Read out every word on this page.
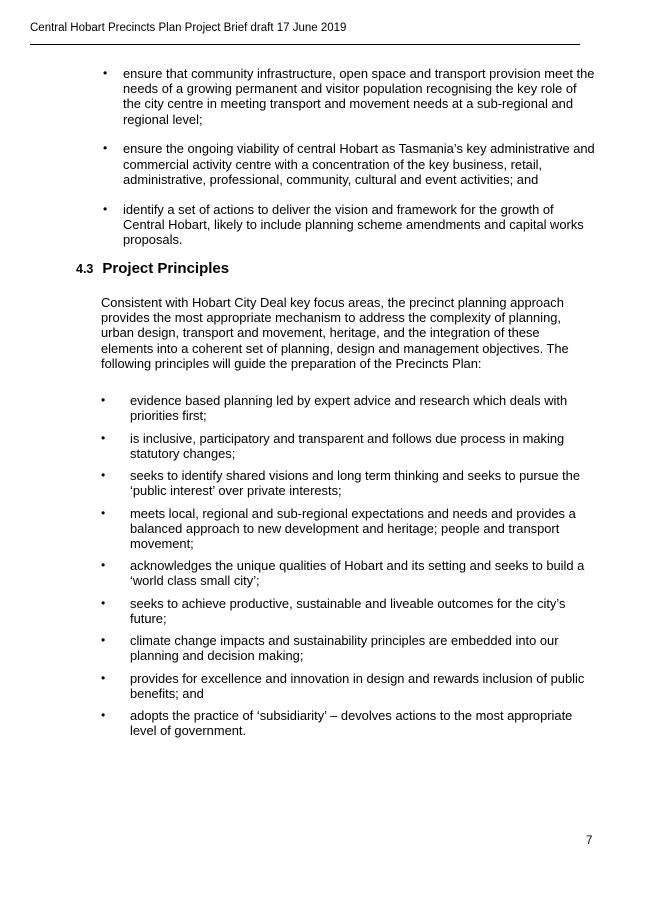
Central Hobart Precincts Plan Project Brief draft 17 June 2019
• ensure that community infrastructure, open space and transport provision meet the needs of a growing permanent and visitor population recognising the key role of the city centre in meeting transport and movement needs at a sub-regional and regional level;
• ensure the ongoing viability of central Hobart as Tasmania’s key administrative and commercial activity centre with a concentration of the key business, retail, administrative, professional, community, cultural and event activities; and
• identify a set of actions to deliver the vision and framework for the growth of Central Hobart, likely to include planning scheme amendments and capital works proposals.
4.3 Project Principles

Consistent with Hobart City Deal key focus areas, the precinct planning approach provides the most appropriate mechanism to address the complexity of planning, urban design, transport and movement, heritage, and the integration of these elements into a coherent set of planning, design and management objectives. The following principles will guide the preparation of the Precincts Plan:

• evidence based planning led by expert advice and research which deals with priorities first;
• is inclusive, participatory and transparent and follows due process in making statutory changes;
• seeks to identify shared visions and long term thinking and seeks to pursue the ‘public interest’ over private interests;
• meets local, regional and sub-regional expectations and needs and provides a balanced approach to new development and heritage; people and transport movement;
• acknowledges the unique qualities of Hobart and its setting and seeks to build a ‘world class small city’;
• seeks to achieve productive, sustainable and liveable outcomes for the city’s future;
• climate change impacts and sustainability principles are embedded into our planning and decision making;
• provides for excellence and innovation in design and rewards inclusion of public benefits; and
• adopts the practice of ‘subsidiarity’ – devolves actions to the most appropriate level of government.
7
